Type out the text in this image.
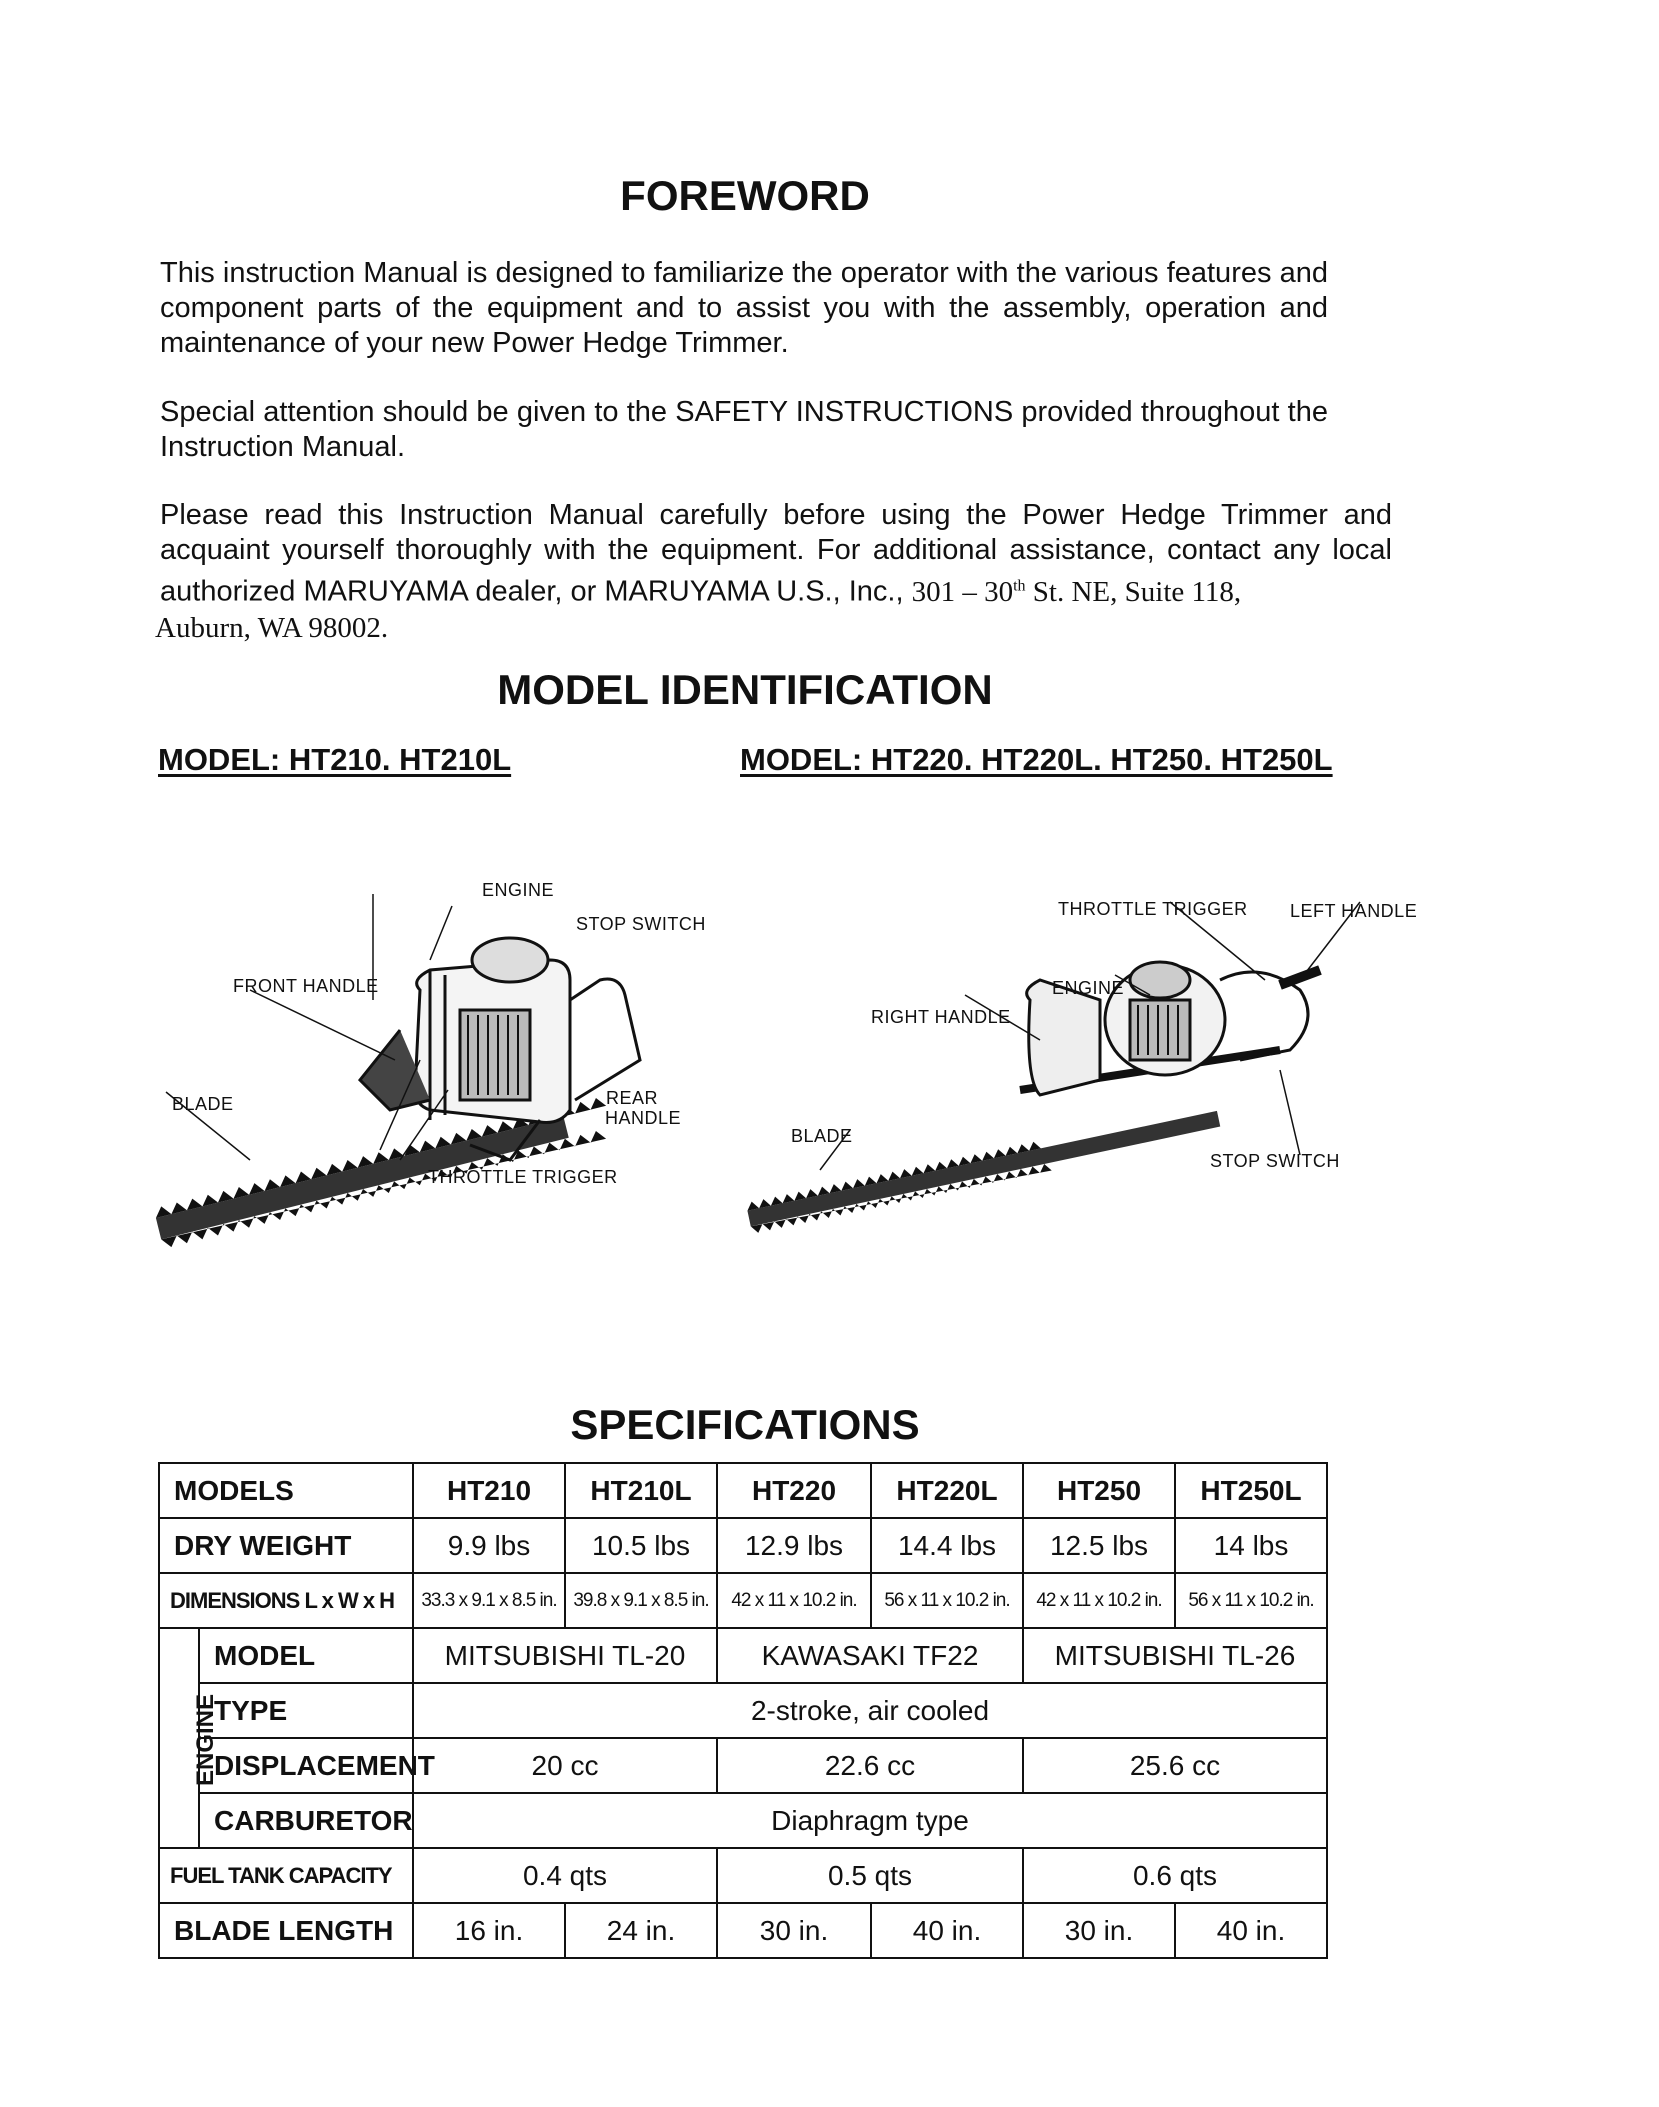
FOREWORD

This instruction Manual is designed to familiarize the operator with the various features and component parts of the equipment and to assist you with the assembly, operation and maintenance of your new Power Hedge Trimmer.

Special attention should be given to the SAFETY INSTRUCTIONS provided throughout the Instruction Manual.

Please read this Instruction Manual carefully before using the Power Hedge Trimmer and acquaint yourself thoroughly with the equipment. For additional assistance, contact any local authorized MARUYAMA dealer, or MARUYAMA U.S., Inc., 301 – 30th St. NE, Suite 118,

Auburn, WA 98002.
MODEL IDENTIFICATION
MODEL: HT210. HT210L	MODEL: HT220. HT220L. HT250. HT250L
ENGINE
STOP SWITCH
FRONT HANDLE
BLADE	REAR
HANDLE
THROTTLE TRIGGER
THROTTLE TRIGGER LEFT HANDLE
ENGINE
RIGHT HANDLE
BLADE
STOP SWITCH
SPECIFICATIONS
MODELS		HT210	HT210L	HT220	HT220L	HT250	HT250L
DRY WEIGHT		9.9 lbs	10.5 lbs	12.9 lbs	14.4 lbs	12.5 lbs	14 lbs
DIMENSIONS L x W x H		33.3 x 9.1 x 8.5 in.	39.8 x 9.1 x 8.5 in.	42 x 11 x 10.2 in.	56 x 11 x 10.2 in.	42 x 11 x 10.2 in.	56 x 11 x 10.2 in.
ENGINE	MODEL	MITSUBISHI TL-20		KAWASAKI TF22		MITSUBISHI TL-26	
	TYPE	2-stroke, air cooled					
	DISPLACEMENT	20 cc		22.6 cc		25.6 cc	
	CARBURETOR	Diaphragm type					
FUEL TANK CAPACITY		0.4 qts		0.5 qts		0.6 qts	
BLADE LENGTH		16 in.	24 in.	30 in.	40 in.	30 in.	40 in.
